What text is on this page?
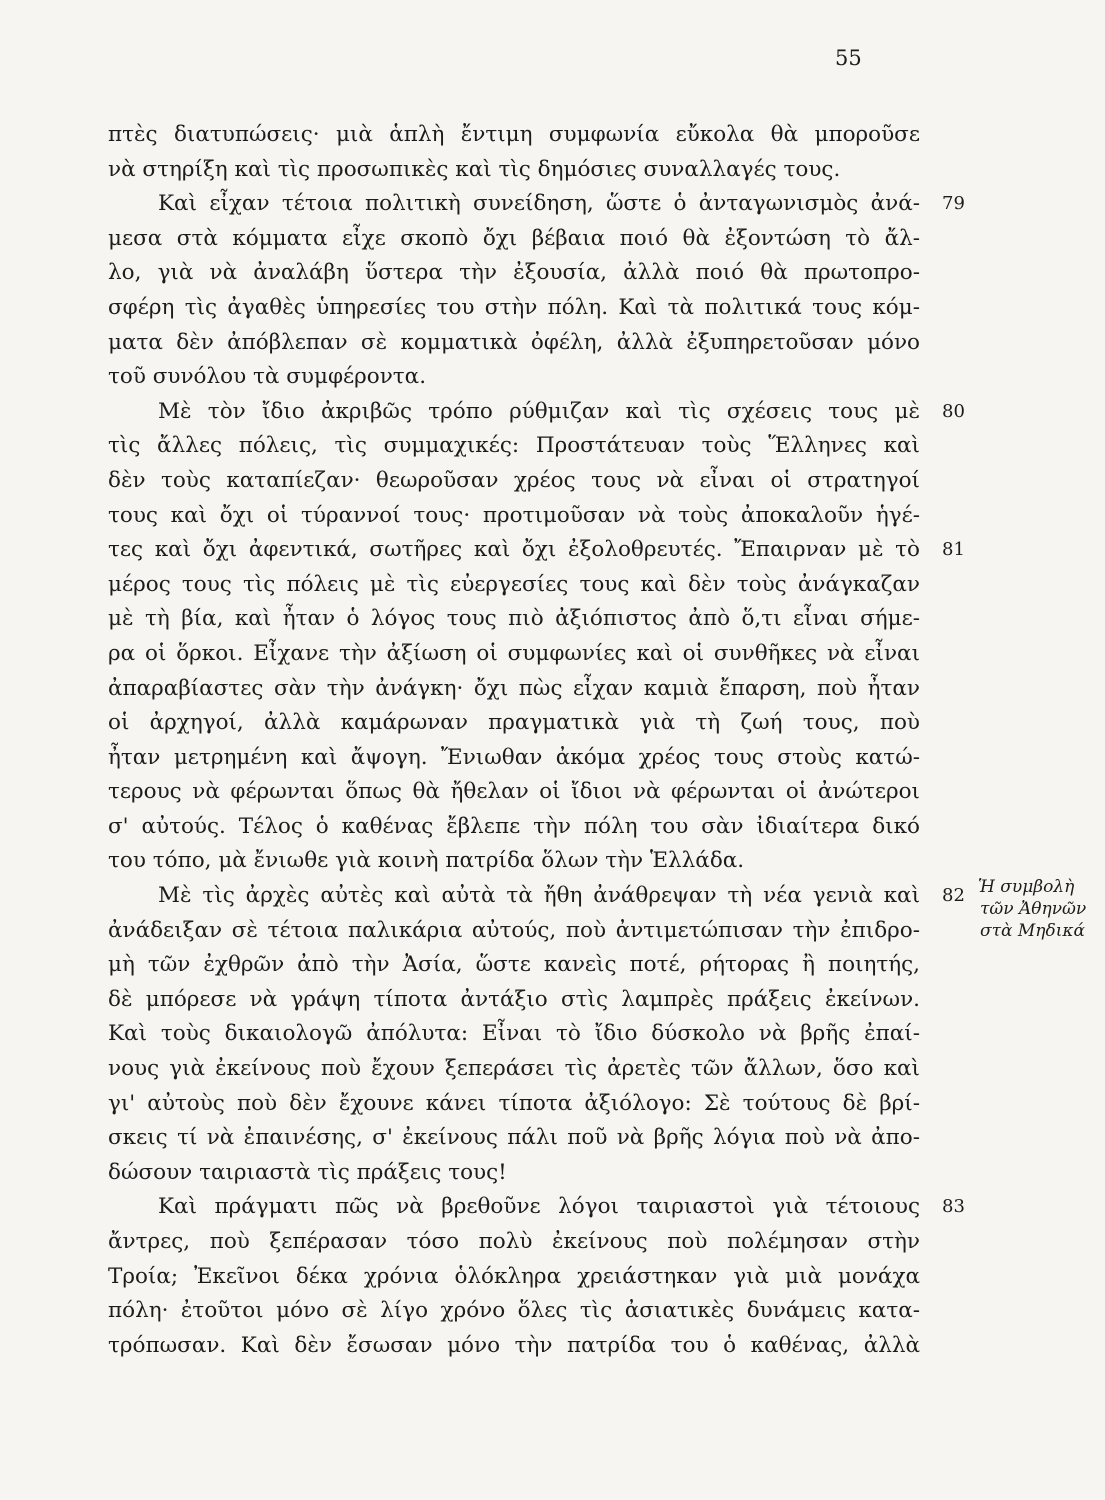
55
πτὲς διατυπώσεις· μιὰ ἁπλὴ ἔντιμη συμφωνία εὔκολα θὰ μποροῦσε
νὰ στηρίξη καὶ τὶς προσωπικὲς καὶ τὶς δημόσιες συναλλαγές τους.
Καὶ εἶχαν τέτοια πολιτικὴ συνείδηση, ὥστε ὁ ἀνταγωνισμὸς ἀνά- 79
μεσα στὰ κόμματα εἶχε σκοπὸ ὄχι βέβαια ποιό θὰ ἐξοντώση τὸ ἄλ-
λο, γιὰ νὰ ἀναλάβη ὕστερα τὴν ἐξουσία, ἀλλὰ ποιό θὰ πρωτοπρο-
σφέρη τὶς ἀγαθὲς ὑπηρεσίες του στὴν πόλη. Καὶ τὰ πολιτικά τους κόμ-
ματα δὲν ἀπόβλεπαν σὲ κομματικὰ ὀφέλη, ἀλλὰ ἐξυπηρετοῦσαν μόνο
τοῦ συνόλου τὰ συμφέροντα.
Μὲ τὸν ἴδιο ἀκριβῶς τρόπο ρύθμιζαν καὶ τὶς σχέσεις τους μὲ 80
τὶς ἄλλες πόλεις, τὶς συμμαχικές: Προστάτευαν τοὺς Ἕλληνες καὶ
δὲν τοὺς καταπίεζαν· θεωροῦσαν χρέος τους νὰ εἶναι οἱ στρατηγοί
τους καὶ ὄχι οἱ τύραννοί τους· προτιμοῦσαν νὰ τοὺς ἀποκαλοῦν ἡγέ-
τες καὶ ὄχι ἀφεντικά, σωτῆρες καὶ ὄχι ἐξολοθρευτές. Ἔπαιρναν μὲ τὸ 81
μέρος τους τὶς πόλεις μὲ τὶς εὐεργεσίες τους καὶ δὲν τοὺς ἀνάγκαζαν
μὲ τὴ βία, καὶ ἦταν ὁ λόγος τους πιὸ ἀξιόπιστος ἀπὸ ὅ,τι εἶναι σήμε-
ρα οἱ ὅρκοι. Εἶχανε τὴν ἀξίωση οἱ συμφωνίες καὶ οἱ συνθῆκες νὰ εἶναι
ἀπαραβίαστες σὰν τὴν ἀνάγκη· ὄχι πὼς εἶχαν καμιὰ ἔπαρση, ποὺ ἦταν
οἱ ἀρχηγοί, ἀλλὰ καμάρωναν πραγματικὰ γιὰ τὴ ζωή τους, ποὺ
ἦταν μετρημένη καὶ ἄψογη. Ἔνιωθαν ἀκόμα χρέος τους στοὺς κατώ-
τερους νὰ φέρωνται ὅπως θὰ ἤθελαν οἱ ἴδιοι νὰ φέρωνται οἱ ἀνώτεροι
σ' αὐτούς. Τέλος ὁ καθένας ἔβλεπε τὴν πόλη του σὰν ἰδιαίτερα δικό
του τόπο, μὰ ἔνιωθε γιὰ κοινὴ πατρίδα ὅλων τὴν Ἑλλάδα.
Μὲ τὶς ἀρχὲς αὐτὲς καὶ αὐτὰ τὰ ἤθη ἀνάθρεψαν τὴ νέα γενιὰ καὶ 82
ἀνάδειξαν σὲ τέτοια παλικάρια αὐτούς, ποὺ ἀντιμετώπισαν τὴν ἐπιδρο-
μὴ τῶν ἐχθρῶν ἀπὸ τὴν Ἀσία, ὥστε κανεὶς ποτέ, ρήτορας ἢ ποιητής,
δὲ μπόρεσε νὰ γράψη τίποτα ἀντάξιο στὶς λαμπρὲς πράξεις ἐκείνων.
Καὶ τοὺς δικαιολογῶ ἀπόλυτα: Εἶναι τὸ ἴδιο δύσκολο νὰ βρῆς ἐπαί-
νους γιὰ ἐκείνους ποὺ ἔχουν ξεπεράσει τὶς ἀρετὲς τῶν ἄλλων, ὅσο καὶ
γι' αὐτοὺς ποὺ δὲν ἔχουνε κάνει τίποτα ἀξιόλογο: Σὲ τούτους δὲ βρί-
σκεις τί νὰ ἐπαινέσης, σ' ἐκείνους πάλι ποῦ νὰ βρῆς λόγια ποὺ νὰ ἀπο-
δώσουν ταιριαστὰ τὶς πράξεις τους!
Καὶ πράγματι πῶς νὰ βρεθοῦνε λόγοι ταιριαστοὶ γιὰ τέτοιους 83
ἄντρες, ποὺ ξεπέρασαν τόσο πολὺ ἐκείνους ποὺ πολέμησαν στὴν
Τροία; Ἐκεῖνοι δέκα χρόνια ὁλόκληρα χρειάστηκαν γιὰ μιὰ μονάχα
πόλη· ἐτοῦτοι μόνο σὲ λίγο χρόνο ὅλες τὶς ἀσιατικὲς δυνάμεις κατα-
τρόπωσαν. Καὶ δὲν ἔσωσαν μόνο τὴν πατρίδα του ὁ καθένας, ἀλλὰ
Ἡ συμβολὴ
τῶν Ἀθηνῶν
στὰ Μηδικά
